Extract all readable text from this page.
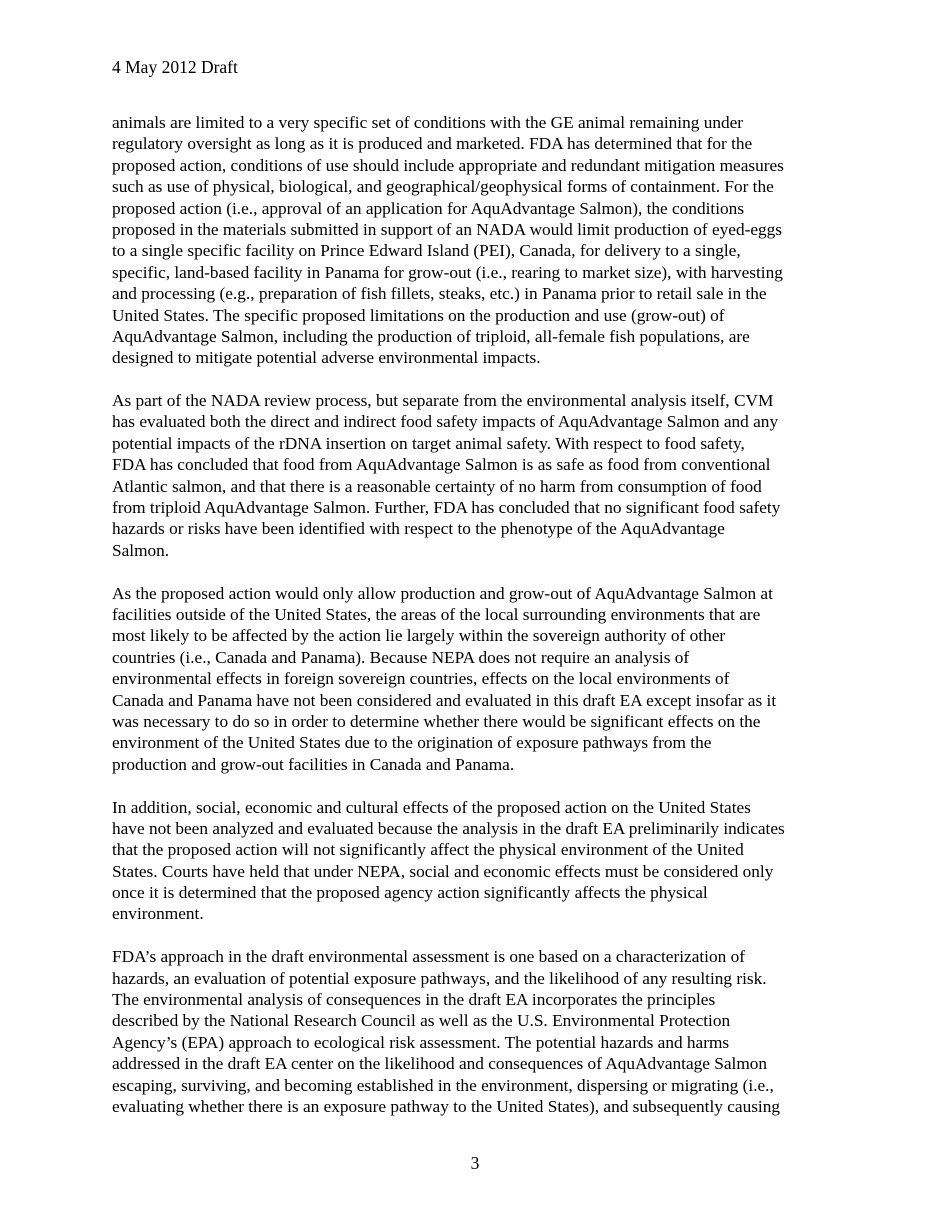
4 May 2012 Draft
animals are limited to a very specific set of conditions with the GE animal remaining under
regulatory oversight as long as it is produced and marketed. FDA has determined that for the
proposed action, conditions of use should include appropriate and redundant mitigation measures
such as use of physical, biological, and geographical/geophysical forms of containment. For the
proposed action (i.e., approval of an application for AquAdvantage Salmon), the conditions
proposed in the materials submitted in support of an NADA would limit production of eyed-eggs
to a single specific facility on Prince Edward Island (PEI), Canada, for delivery to a single,
specific, land-based facility in Panama for grow-out (i.e., rearing to market size), with harvesting
and processing (e.g., preparation of fish fillets, steaks, etc.) in Panama prior to retail sale in the
United States. The specific proposed limitations on the production and use (grow-out) of
AquAdvantage Salmon, including the production of triploid, all-female fish populations, are
designed to mitigate potential adverse environmental impacts.
As part of the NADA review process, but separate from the environmental analysis itself, CVM
has evaluated both the direct and indirect food safety impacts of AquAdvantage Salmon and any
potential impacts of the rDNA insertion on target animal safety. With respect to food safety,
FDA has concluded that food from AquAdvantage Salmon is as safe as food from conventional
Atlantic salmon, and that there is a reasonable certainty of no harm from consumption of food
from triploid AquAdvantage Salmon. Further, FDA has concluded that no significant food safety
hazards or risks have been identified with respect to the phenotype of the AquAdvantage
Salmon.
As the proposed action would only allow production and grow-out of AquAdvantage Salmon at
facilities outside of the United States, the areas of the local surrounding environments that are
most likely to be affected by the action lie largely within the sovereign authority of other
countries (i.e., Canada and Panama). Because NEPA does not require an analysis of
environmental effects in foreign sovereign countries, effects on the local environments of
Canada and Panama have not been considered and evaluated in this draft EA except insofar as it
was necessary to do so in order to determine whether there would be significant effects on the
environment of the United States due to the origination of exposure pathways from the
production and grow-out facilities in Canada and Panama.
In addition, social, economic and cultural effects of the proposed action on the United States
have not been analyzed and evaluated because the analysis in the draft EA preliminarily indicates
that the proposed action will not significantly affect the physical environment of the United
States. Courts have held that under NEPA, social and economic effects must be considered only
once it is determined that the proposed agency action significantly affects the physical
environment.
FDA’s approach in the draft environmental assessment is one based on a characterization of
hazards, an evaluation of potential exposure pathways, and the likelihood of any resulting risk.
The environmental analysis of consequences in the draft EA incorporates the principles
described by the National Research Council as well as the U.S. Environmental Protection
Agency’s (EPA) approach to ecological risk assessment. The potential hazards and harms
addressed in the draft EA center on the likelihood and consequences of AquAdvantage Salmon
escaping, surviving, and becoming established in the environment, dispersing or migrating (i.e.,
evaluating whether there is an exposure pathway to the United States), and subsequently causing
3
